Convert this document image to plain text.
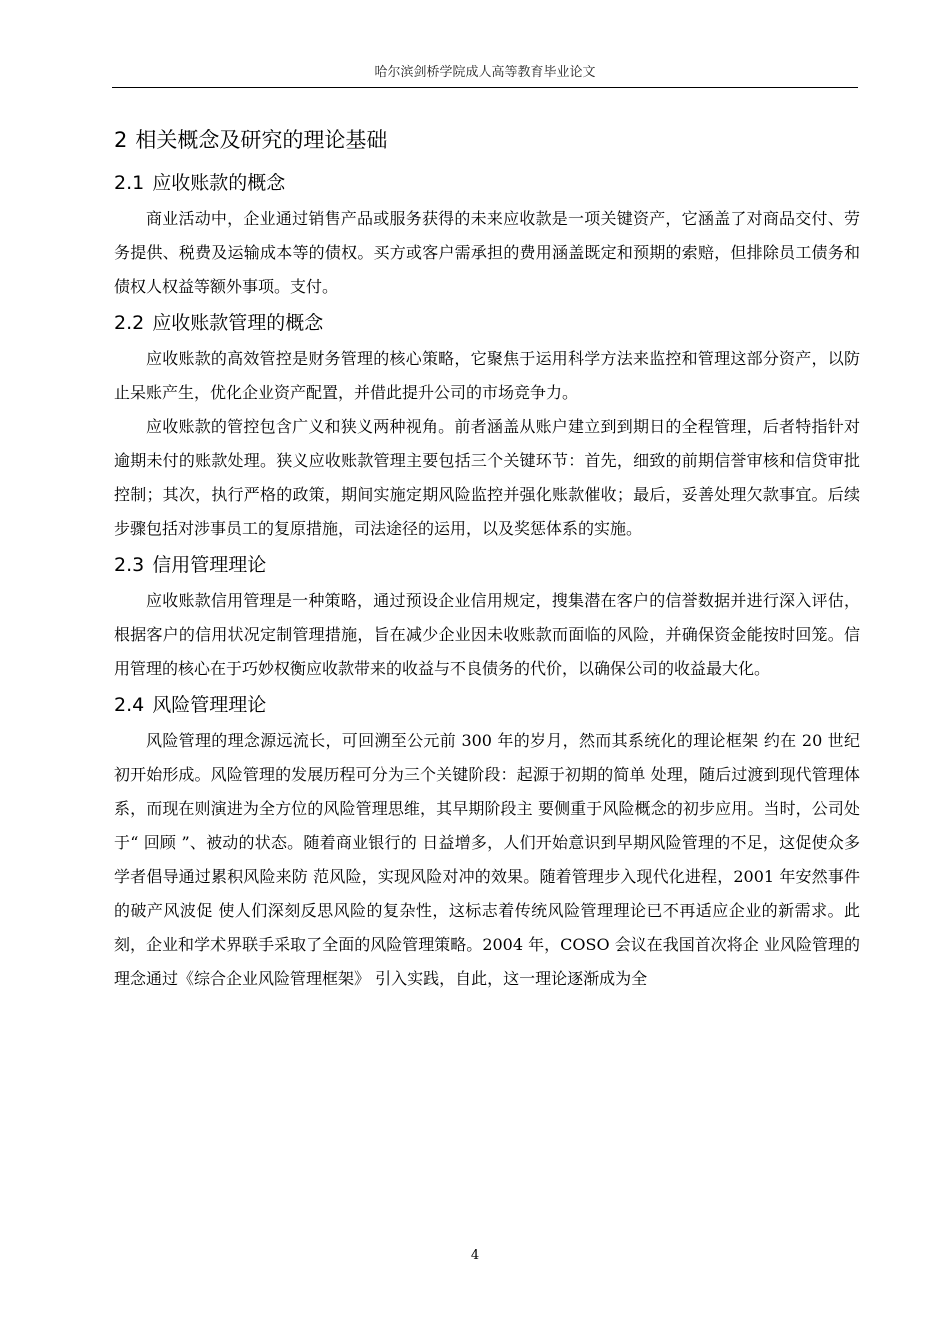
哈尔滨剑桥学院成人高等教育毕业论文
2 相关概念及研究的理论基础
2.1 应收账款的概念

商业活动中，企业通过销售产品或服务获得的未来应收款是一项关键资产，它涵盖了对商品交付、劳务提供、税费及运输成本等的债权。买方或客户需承担的费用涵盖既定和预期的索赔，但排除员工债务和债权人权益等额外事项。支付。

2.2 应收账款管理的概念

应收账款的高效管控是财务管理的核心策略，它聚焦于运用科学方法来监控和管理这部分资产，以防止呆账产生，优化企业资产配置，并借此提升公司的市场竞争力。

应收账款的管控包含广义和狭义两种视角。前者涵盖从账户建立到到期日的全程管理，后者特指针对逾期未付的账款处理。狭义应收账款管理主要包括三个关键环节：首先，细致的前期信誉审核和信贷审批控制；其次，执行严格的政策，期间实施定期风险监控并强化账款催收；最后，妥善处理欠款事宜。后续步骤包括对涉事员工的复原措施，司法途径的运用，以及奖惩体系的实施。

2.3 信用管理理论

应收账款信用管理是一种策略，通过预设企业信用规定，搜集潜在客户的信誉数据并进行深入评估，根据客户的信用状况定制管理措施，旨在减少企业因未收账款而面临的风险，并确保资金能按时回笼。信用管理的核心在于巧妙权衡应收款带来的收益与不良债务的代价，以确保公司的收益最大化。

2.4 风险管理理论

风险管理的理念源远流长，可回溯至公元前 300 年的岁月，然而其系统化的理论框架 约在 20 世纪初开始形成。风险管理的发展历程可分为三个关键阶段：起源于初期的简单 处理，随后过渡到现代管理体系，而现在则演进为全方位的风险管理思维，其早期阶段主 要侧重于风险概念的初步应用。当时，公司处于“ 回顾 ”、被动的状态。随着商业银行的 日益增多，人们开始意识到早期风险管理的不足，这促使众多学者倡导通过累积风险来防 范风险，实现风险对冲的效果。随着管理步入现代化进程，2001 年安然事件的破产风波促 使人们深刻反思风险的复杂性，这标志着传统风险管理理论已不再适应企业的新需求。此 刻，企业和学术界联手采取了全面的风险管理策略。2004 年，COSO 会议在我国首次将企 业风险管理的理念通过《综合企业风险管理框架》 引入实践，自此，这一理论逐渐成为全

4
